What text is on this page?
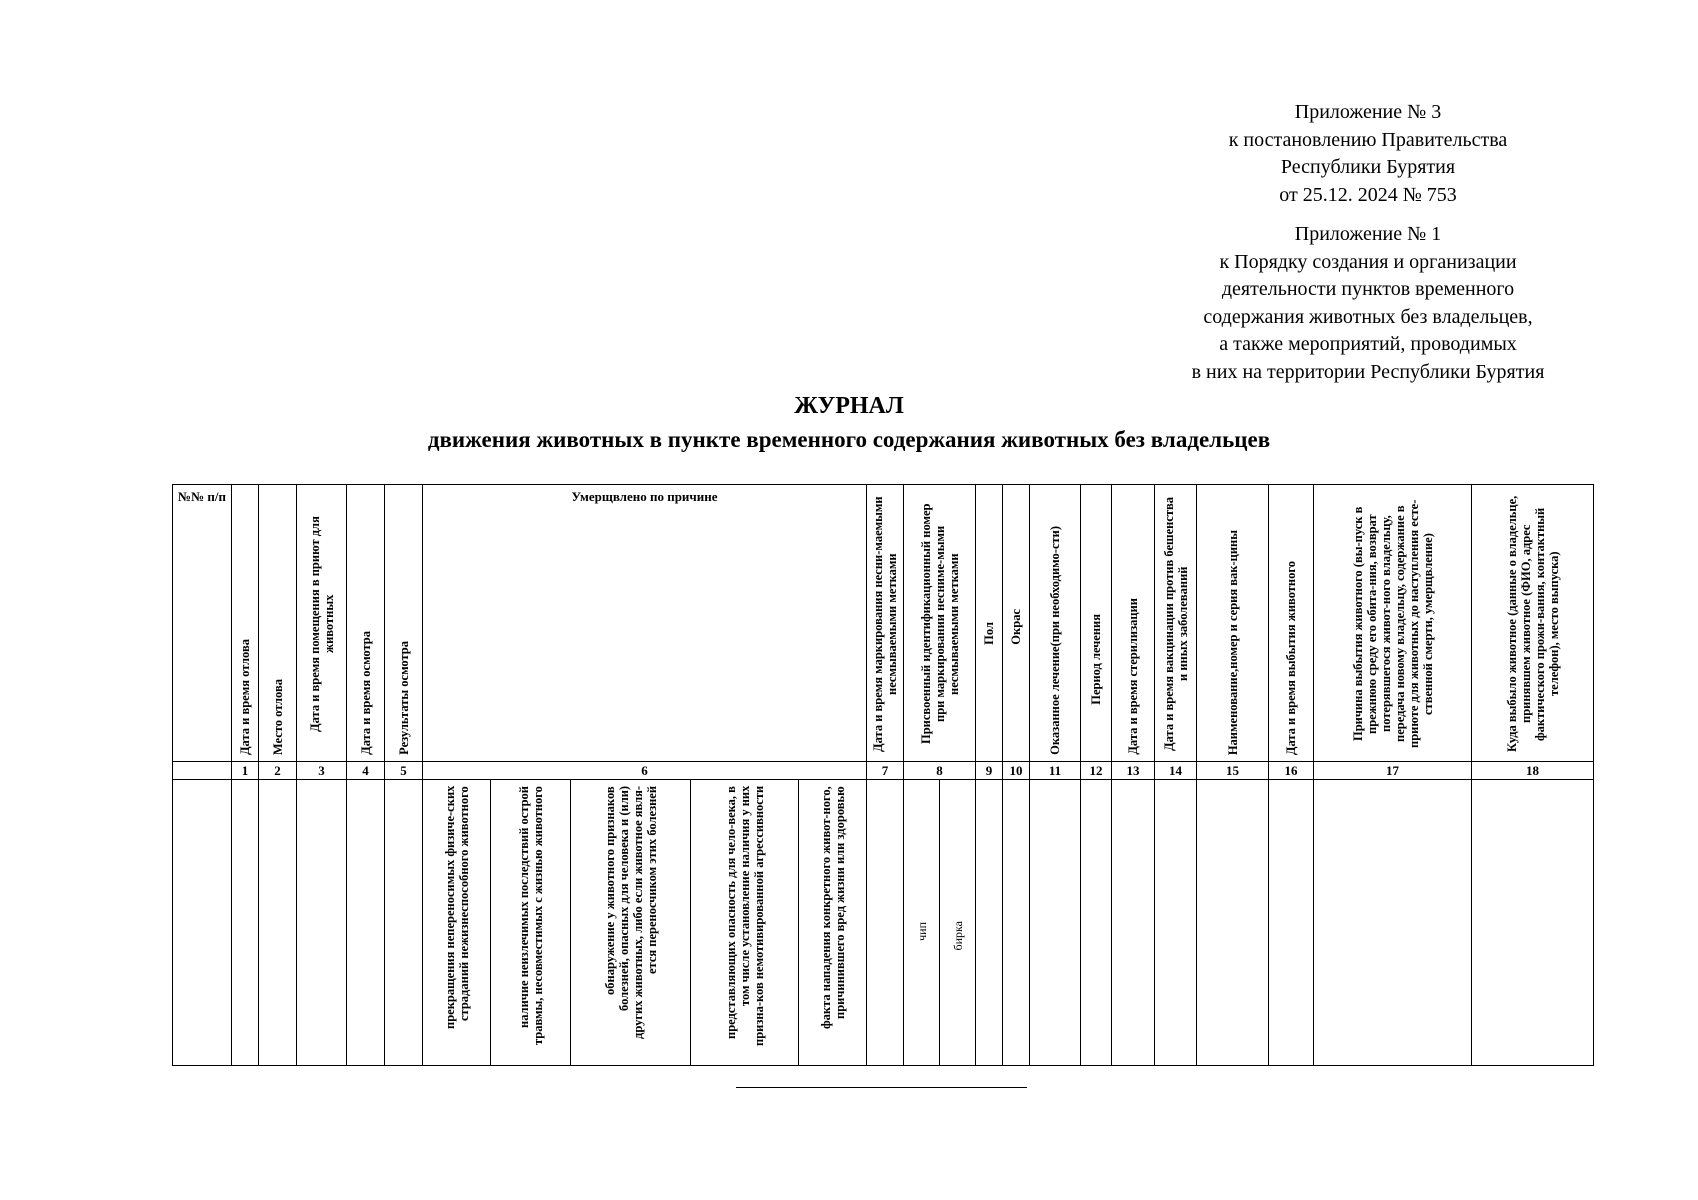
Приложение № 3
к постановлению Правительства
Республики Бурятия
от 25.12. 2024 № 753
Приложение № 1
к Порядку создания и организации
деятельности пунктов временного
содержания животных без владельцев,
а также мероприятий, проводимых
в них на территории Республики Бурятия
ЖУРНАЛ
движения животных в пункте временного содержания животных без владельцев
№№ п/п	Дата и время отлова	Место отлова	Дата и время помещения в приют для животных	Дата и время осмотра	Результаты осмотра	Умерщвлено по причине					Дата и время маркирования несни-маемыми несмываемыми метками	Присвоенный идентификационный номер при маркировании несниме-мыми несмываемыми метками		Пол	Окрас	Оказанное лечение(при необходимо-сти)	Период лечения	Дата и время стерилизации	Дата и время вакцинации против бешенства и иных заболеваний	Наименование,номер и серия вак-цины	Дата и время выбытия животного	Причина выбытия животного (вы-пуск в прежнюю среду его обита-ния, возврат потерявшегося живот-ного владельцу, передача новому владельцу, содержание в приюте для животных до наступления есте-ственной смерти, умерщвление)	Куда выбыло животное (данные о владельце, принявшем животное (ФИО, адрес фактического прожи-вания, контактный телефон), место выпуска)

	1	2	3	4	5	6					7	8		9	10	11	12	13	14	15	16	17	18

						прекращения непереносимых физиче-ских страданий нежизнеспособного животного	наличие неизлечимых последствий острой травмы, несовместимых с жизнью животного	обнаружение у животного признаков болезней, опасных для человека и (или) других животных, либо если животное явля-ется переносчиком этих болезней	представляющих опасность для чело-века, в том числе установление наличия у них призна-ков немотивированной агрессивности	факта нападения конкретного живот-ного, причинившего вред жизни или здоровью		чип	бирка										
